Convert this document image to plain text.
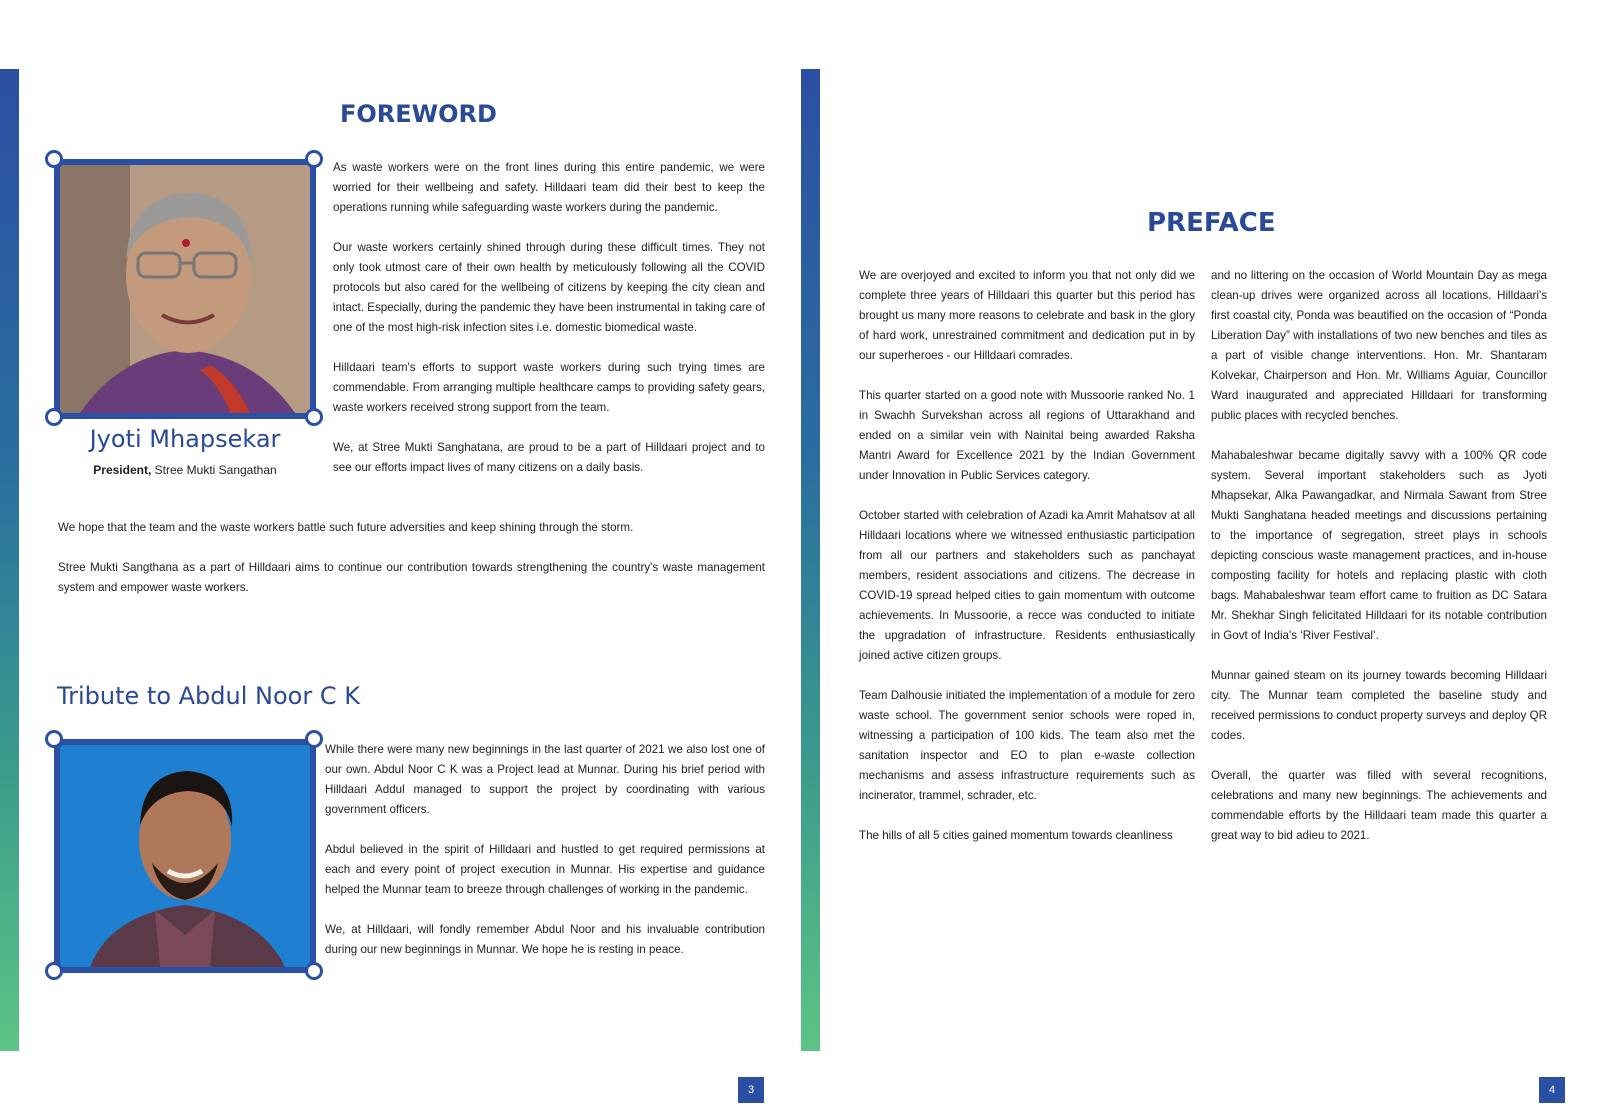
FOREWORD
Jyoti Mhapsekar
President, Stree Mukti Sangathan

As waste workers were on the front lines during this entire pandemic, we were worried for their wellbeing and safety. Hilldaari team did their best to keep the operations running while safeguarding waste workers during the pandemic.

Our waste workers certainly shined through during these difficult times. They not only took utmost care of their own health by meticulously following all the COVID protocols but also cared for the wellbeing of citizens by keeping the city clean and intact. Especially, during the pandemic they have been instrumental in taking care of one of the most high-risk infection sites i.e. domestic biomedical waste.

Hilldaari team's efforts to support waste workers during such trying times are commendable. From arranging multiple healthcare camps to providing safety gears, waste workers received strong support from the team.

We, at Stree Mukti Sanghatana, are proud to be a part of Hilldaari project and to see our efforts impact lives of many citizens on a daily basis.

We hope that the team and the waste workers battle such future adversities and keep shining through the storm.

Stree Mukti Sangthana as a part of Hilldaari aims to continue our contribution towards strengthening the country's waste management system and empower waste workers.

Tribute to Abdul Noor C K

While there were many new beginnings in the last quarter of 2021 we also lost one of our own. Abdul Noor C K was a Project lead at Munnar. During his brief period with Hilldaari Addul managed to support the project by coordinating with various government officers.

Abdul believed in the spirit of Hilldaari and hustled to get required permissions at each and every point of project execution in Munnar. His expertise and guidance helped the Munnar team to breeze through challenges of working in the pandemic.

We, at Hilldaari, will fondly remember Abdul Noor and his invaluable contribution during our new beginnings in Munnar. We hope he is resting in peace.

3
PREFACE

We are overjoyed and excited to inform you that not only did we complete three years of Hilldaari this quarter but this period has brought us many more reasons to celebrate and bask in the glory of hard work, unrestrained commitment and dedication put in by our superheroes - our Hilldaari comrades.

This quarter started on a good note with Mussoorie ranked No. 1 in Swachh Survekshan across all regions of Uttarakhand and ended on a similar vein with Nainital being awarded Raksha Mantri Award for Excellence 2021 by the Indian Government under Innovation in Public Services category.

October started with celebration of Azadi ka Amrit Mahatsov at all Hilldaari locations where we witnessed enthusiastic participation from all our partners and stakeholders such as panchayat members, resident associations and citizens. The decrease in COVID-19 spread helped cities to gain momentum with outcome achievements. In Mussoorie, a recce was conducted to initiate the upgradation of infrastructure. Residents enthusiastically joined active citizen groups.

Team Dalhousie initiated the implementation of a module for zero waste school. The government senior schools were roped in, witnessing a participation of 100 kids. The team also met the sanitation inspector and EO to plan e-waste collection mechanisms and assess infrastructure requirements such as incinerator, trammel, schrader, etc.

The hills of all 5 cities gained momentum towards cleanliness

and no littering on the occasion of World Mountain Day as mega clean-up drives were organized across all locations. Hilldaari's first coastal city, Ponda was beautified on the occasion of “Ponda Liberation Day” with installations of two new benches and tiles as a part of visible change interventions. Hon. Mr. Shantaram Kolvekar, Chairperson and Hon. Mr. Williams Aguiar, Councillor Ward inaugurated and appreciated Hilldaari for transforming public places with recycled benches.

Mahabaleshwar became digitally savvy with a 100% QR code system. Several important stakeholders such as Jyoti Mhapsekar, Alka Pawangadkar, and Nirmala Sawant from Stree Mukti Sanghatana headed meetings and discussions pertaining to the importance of segregation, street plays in schools depicting conscious waste management practices, and in-house composting facility for hotels and replacing plastic with cloth bags. Mahabaleshwar team effort came to fruition as DC Satara Mr. Shekhar Singh felicitated Hilldaari for its notable contribution in Govt of India's ‘River Festival’.

Munnar gained steam on its journey towards becoming Hilldaari city. The Munnar team completed the baseline study and received permissions to conduct property surveys and deploy QR codes.

Overall, the quarter was filled with several recognitions, celebrations and many new beginnings. The achievements and commendable efforts by the Hilldaari team made this quarter a great way to bid adieu to 2021.

4
